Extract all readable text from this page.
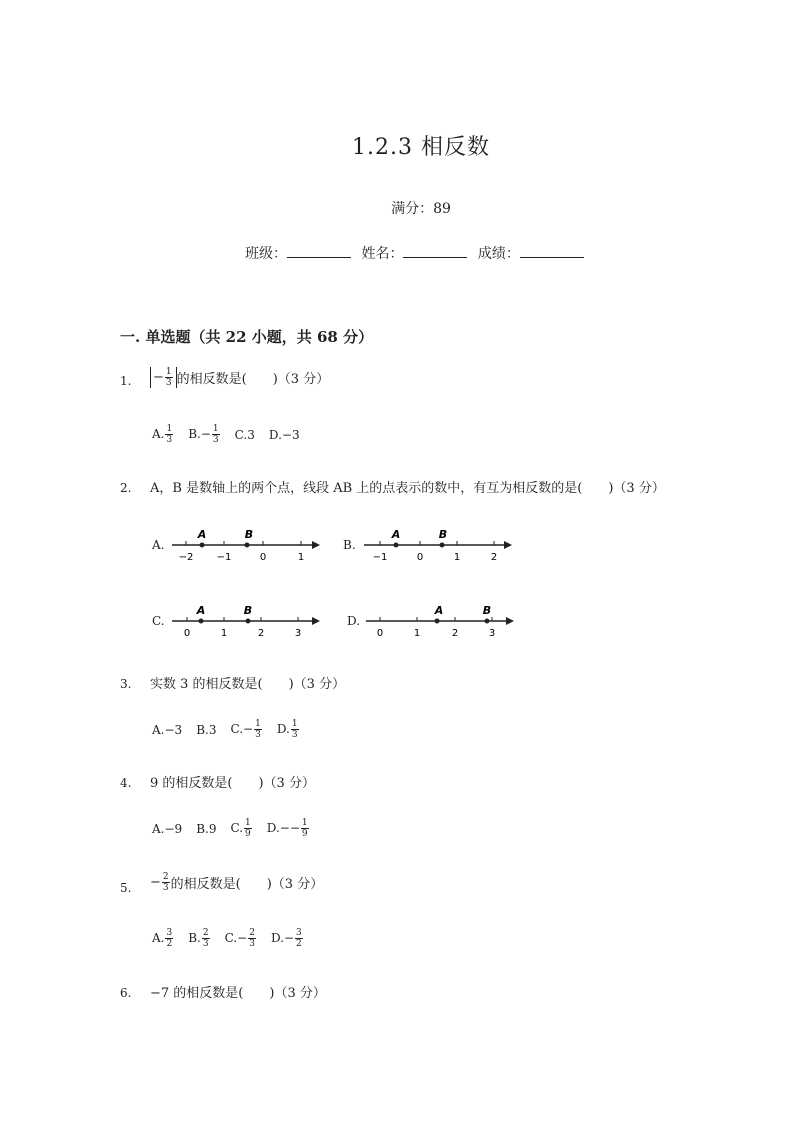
1.2.3 相反数
满分：89
班级：	姓名：	成绩：
一. 单选题（共 22 小题，共 68 分）
1. − $\frac{1}{3}$ 的相反数是(　　)（3 分）
A. $\frac{1}{3} B.- \frac{1}{3} C.3$ D.−3
2. A，B 是数轴上的两个点，线段 AB 上的点表示的数中，有互为相反数的是(　　)（3 分）
A.
A	B
−2 −1	0	1
B.
A	B
−1	0	1	2
C.
A	B
0	1	2	3
D.
A	B
0	1	2	3
3. 实数 3 的相反数是(　　)（3 分）
A.−3 B.3 $C.- \frac{1}{3} D$. $\frac{1}{3}$
4. 9 的相反数是(　　)（3 分）
A.−9 B.9 C. $\frac{1}{9} D.-- \frac{1}{9}$
5. − $\frac{2}{3}$ 的相反数是(　　)（3 分）
A. $\frac{3}{2} B$. $\frac{2}{3} C.- \frac{2}{3} D.- \frac{3}{2}$
6. −7 的相反数是(　　)（3 分）
